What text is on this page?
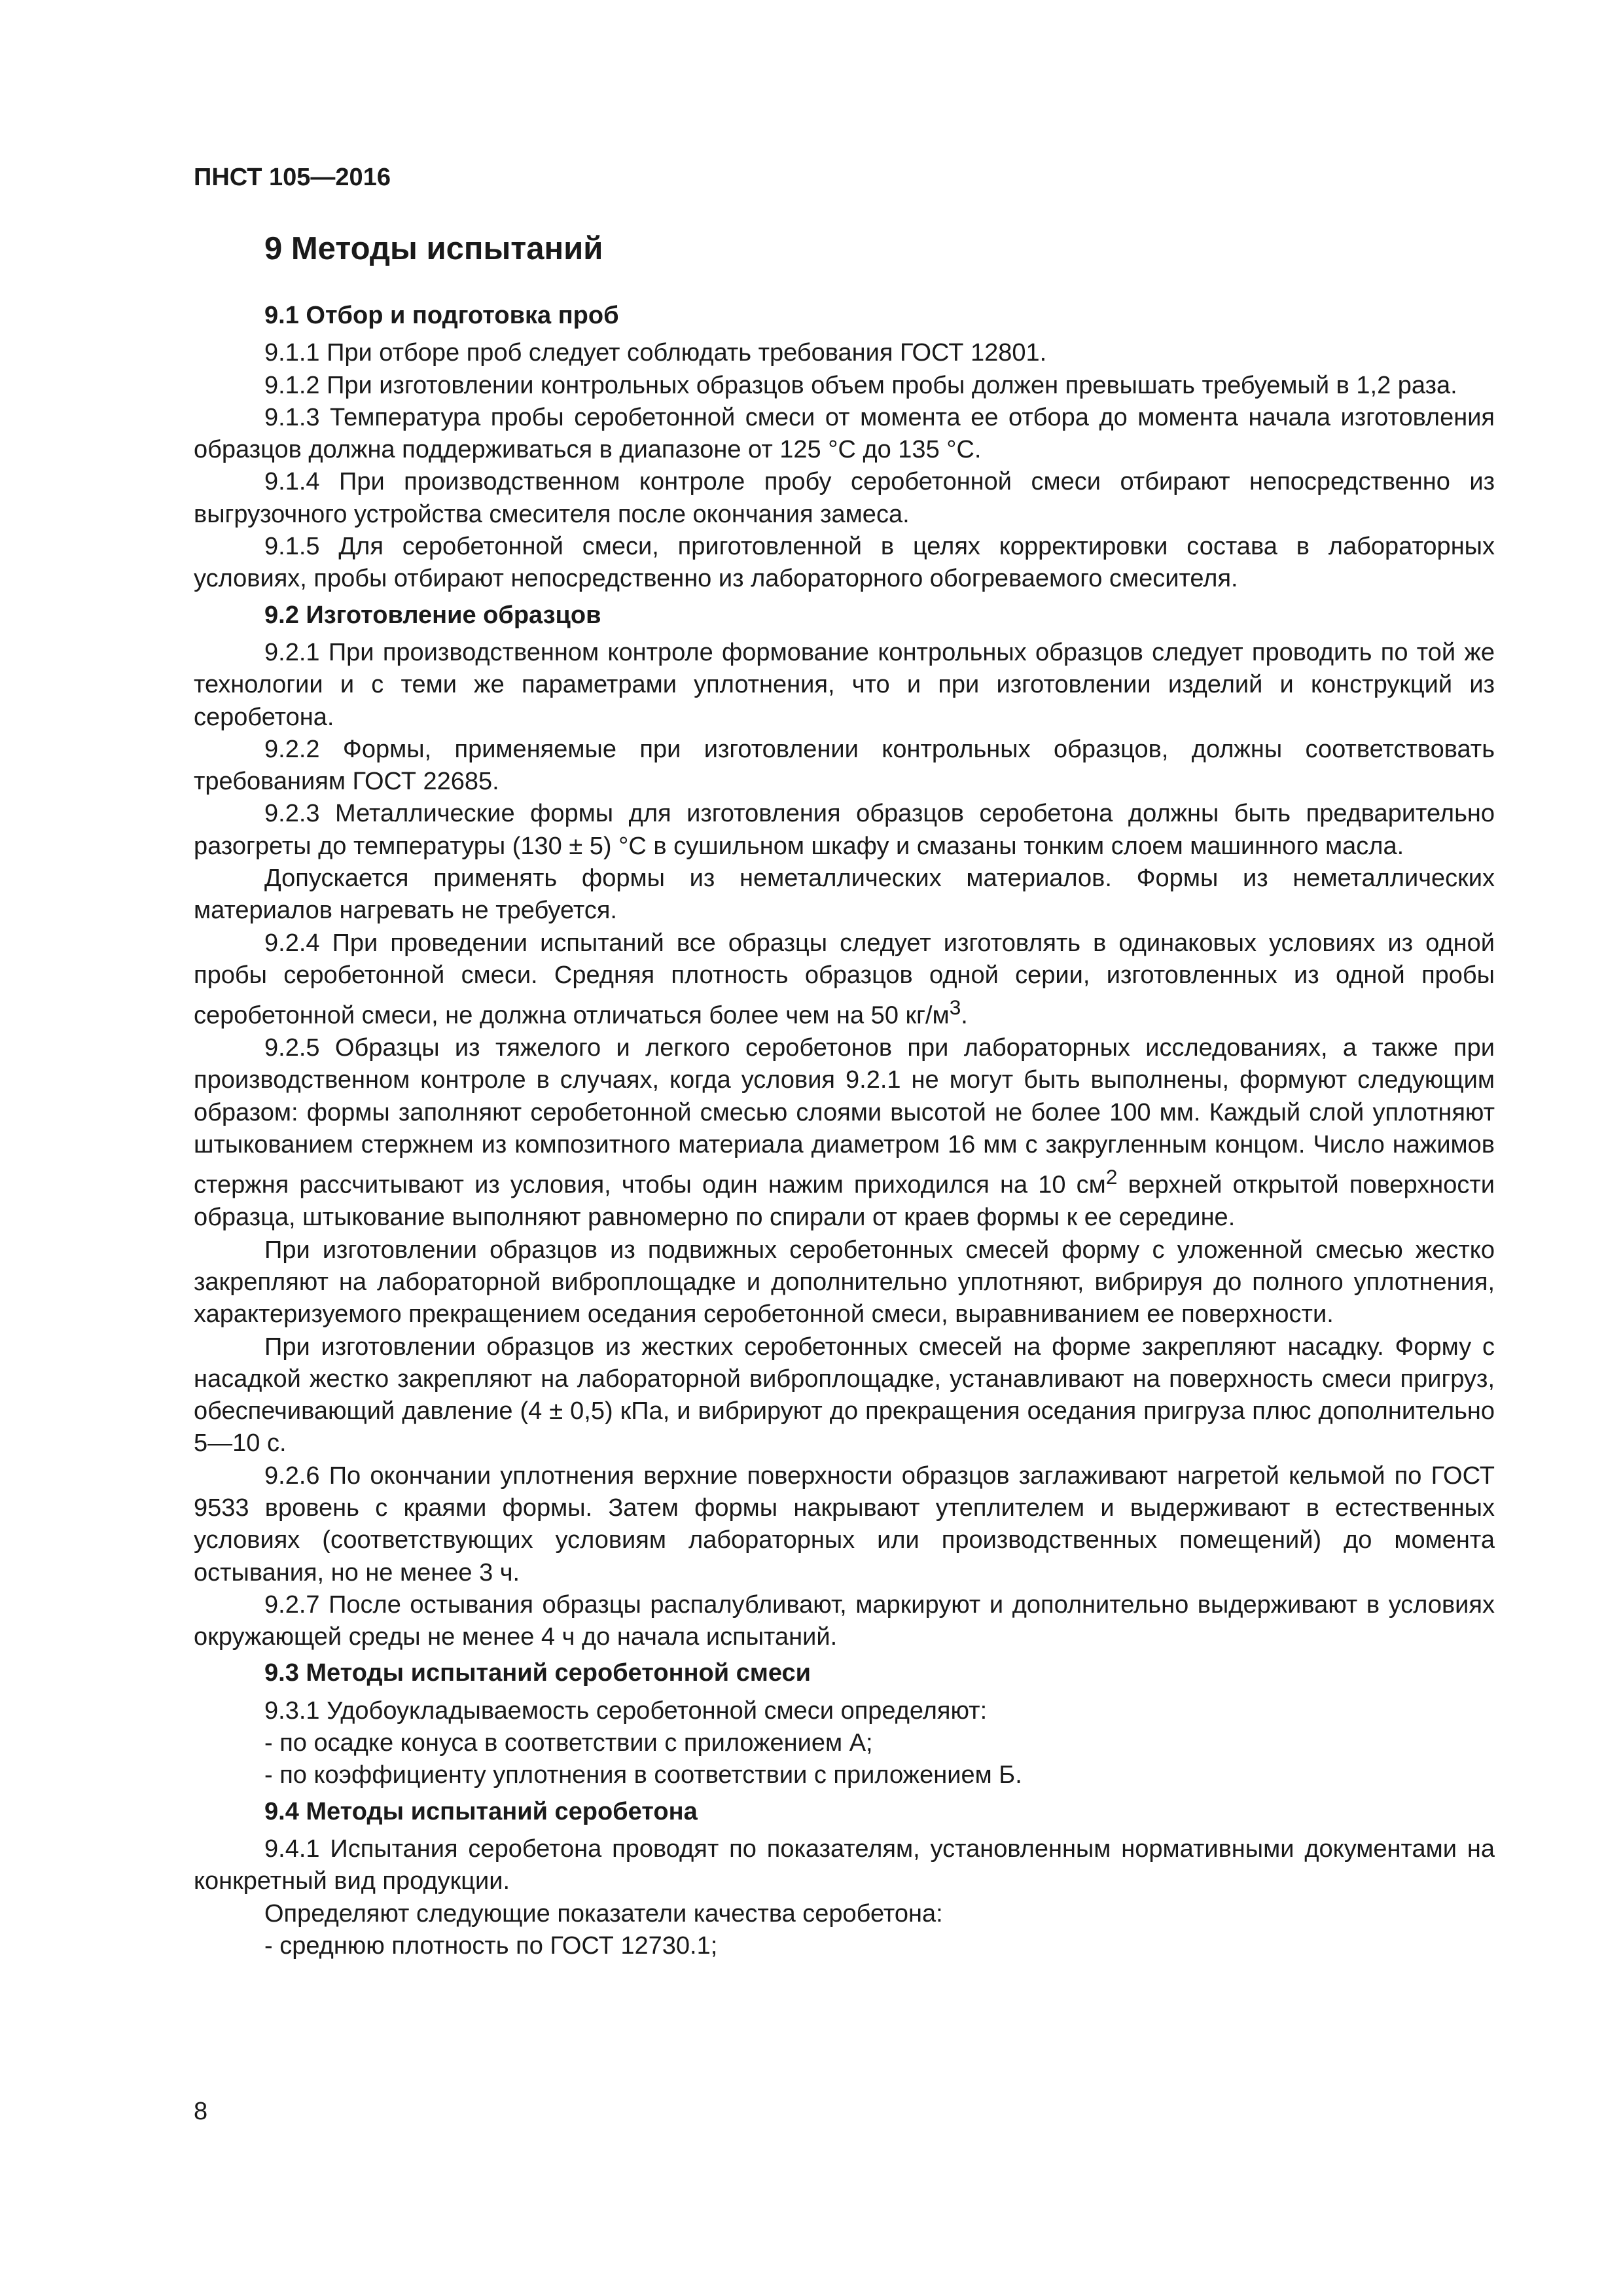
ПНСТ 105—2016
9 Методы испытаний
9.1 Отбор и подготовка проб

9.1.1 При отборе проб следует соблюдать требования ГОСТ 12801.

9.1.2 При изготовлении контрольных образцов объем пробы должен превышать требуемый в 1,2 раза.

9.1.3 Температура пробы серобетонной смеси от момента ее отбора до момента начала изготовления образцов должна поддерживаться в диапазоне от 125 °С до 135 °С.

9.1.4 При производственном контроле пробу серобетонной смеси отбирают непосредственно из выгрузочного устройства смесителя после окончания замеса.

9.1.5 Для серобетонной смеси, приготовленной в целях корректировки состава в лабораторных условиях, пробы отбирают непосредственно из лабораторного обогреваемого смесителя.

9.2 Изготовление образцов

9.2.1 При производственном контроле формование контрольных образцов следует проводить по той же технологии и с теми же параметрами уплотнения, что и при изготовлении изделий и конструкций из серобетона.

9.2.2 Формы, применяемые при изготовлении контрольных образцов, должны соответствовать требованиям ГОСТ 22685.

9.2.3 Металлические формы для изготовления образцов серобетона должны быть предварительно разогреты до температуры (130 ± 5) °С в сушильном шкафу и смазаны тонким слоем машинного масла.

Допускается применять формы из неметаллических материалов. Формы из неметаллических материалов нагревать не требуется.

9.2.4 При проведении испытаний все образцы следует изготовлять в одинаковых условиях из одной пробы серобетонной смеси. Средняя плотность образцов одной серии, изготовленных из одной пробы серобетонной смеси, не должна отличаться более чем на 50 $кг/м^3$.

9.2.5 Образцы из тяжелого и легкого серобетонов при лабораторных исследованиях, а также при производственном контроле в случаях, когда условия 9.2.1 не могут быть выполнены, формуют следующим образом: формы заполняют серобетонной смесью слоями высотой не более 100 мм. Каждый слой уплотняют штыкованием стержнем из композитного материала диаметром 16 мм с закругленным концом. Число нажимов стержня рассчитывают из условия, чтобы один нажим приходился на 10 $см^2$ верхней открытой поверхности образца, штыкование выполняют равномерно по спирали от краев формы к ее середине.

При изготовлении образцов из подвижных серобетонных смесей форму с уложенной смесью жестко закрепляют на лабораторной виброплощадке и дополнительно уплотняют, вибрируя до полного уплотнения, характеризуемого прекращением оседания серобетонной смеси, выравниванием ее поверхности.

При изготовлении образцов из жестких серобетонных смесей на форме закрепляют насадку. Форму с насадкой жестко закрепляют на лабораторной виброплощадке, устанавливают на поверхность смеси пригруз, обеспечивающий давление (4 ± 0,5) кПа, и вибрируют до прекращения оседания пригруза плюс дополнительно 5—10 с.

9.2.6 По окончании уплотнения верхние поверхности образцов заглаживают нагретой кельмой по ГОСТ 9533 вровень с краями формы. Затем формы накрывают утеплителем и выдерживают в естественных условиях (соответствующих условиям лабораторных или производственных помещений) до момента остывания, но не менее 3 ч.

9.2.7 После остывания образцы распалубливают, маркируют и дополнительно выдерживают в условиях окружающей среды не менее 4 ч до начала испытаний.

9.3 Методы испытаний серобетонной смеси

9.3.1 Удобоукладываемость серобетонной смеси определяют:

- по осадке конуса в соответствии с приложением А;

- по коэффициенту уплотнения в соответствии с приложением Б.

9.4 Методы испытаний серобетона

9.4.1 Испытания серобетона проводят по показателям, установленным нормативными документами на конкретный вид продукции.

Определяют следующие показатели качества серобетона:

- среднюю плотность по ГОСТ 12730.1;

8
